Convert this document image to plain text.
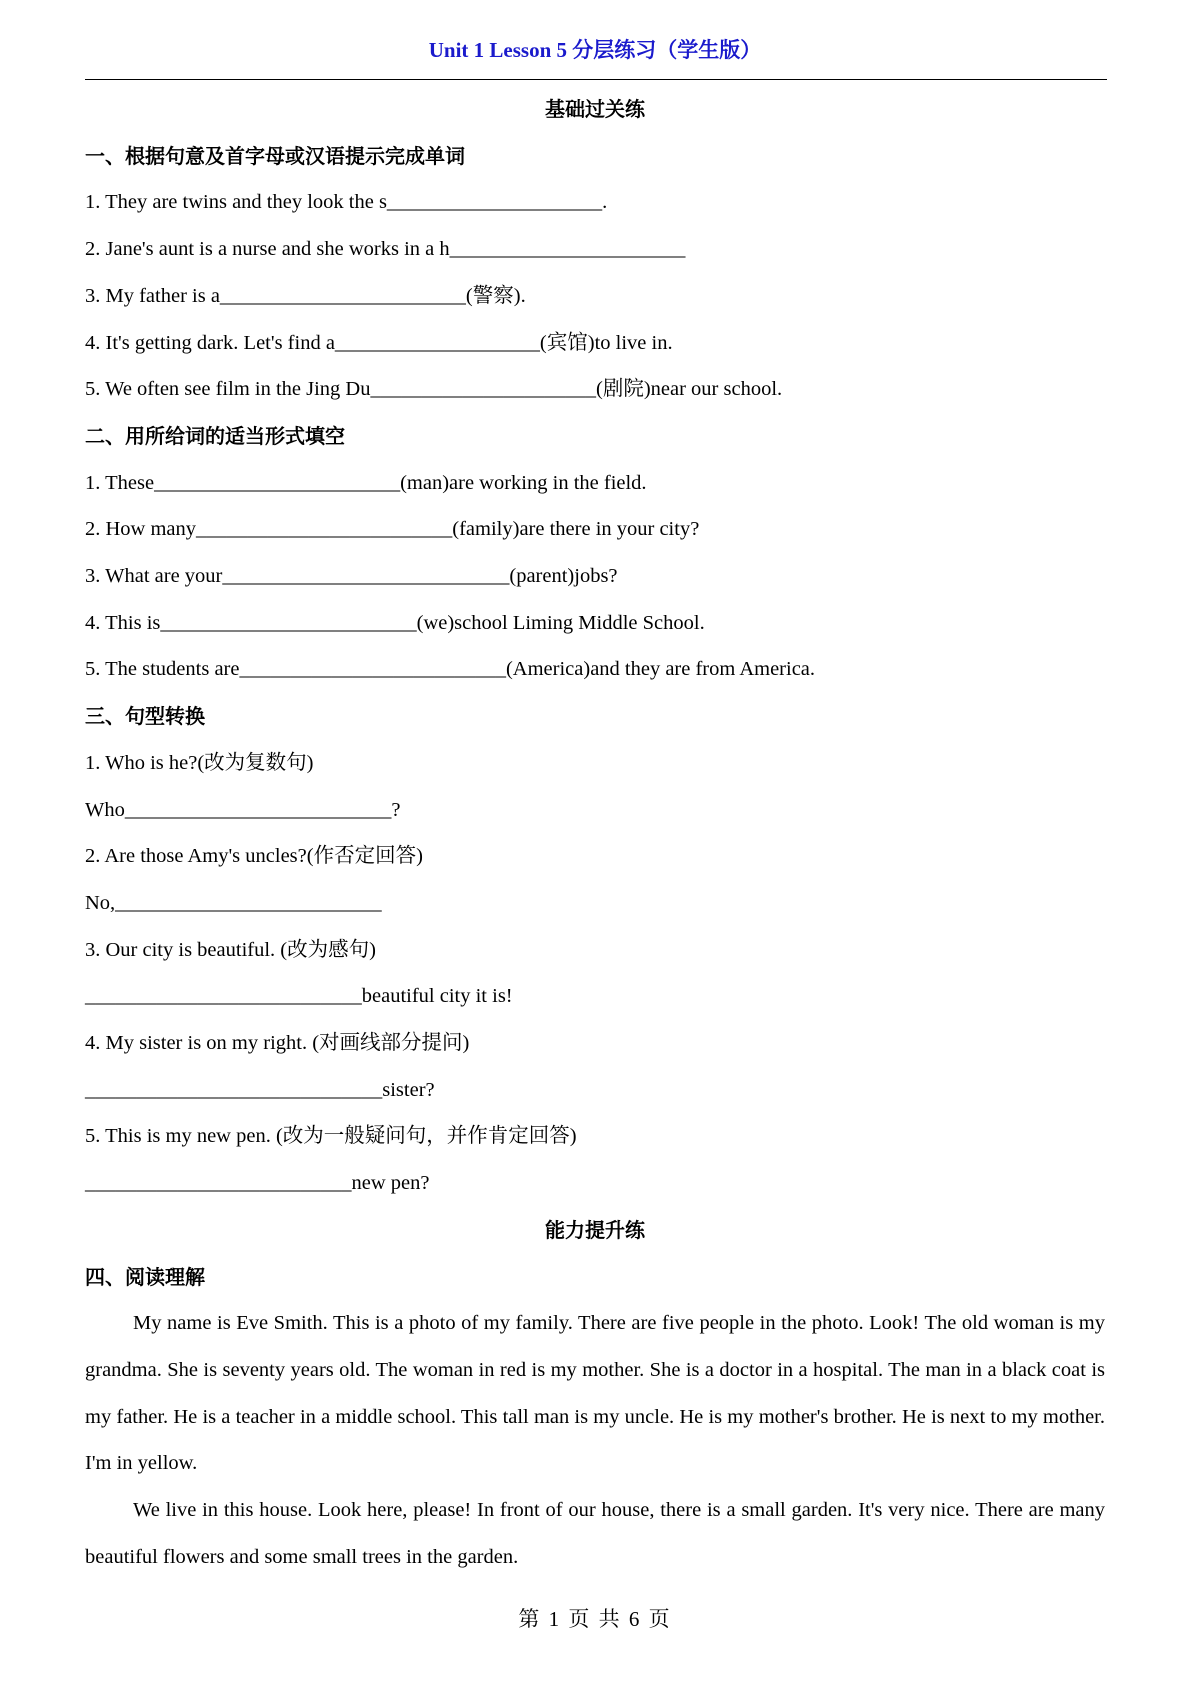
Unit 1 Lesson 5 分层练习（学生版）
基础过关练
一、根据句意及首字母或汉语提示完成单词
1. They are twins and they look the s_____________________.
2. Jane's aunt is a nurse and she works in a h_______________________
3. My father is a________________________(警察).
4. It's getting dark. Let's find a____________________(宾馆)to live in.
5. We often see film in the Jing Du______________________(剧院)near our school.
二、用所给词的适当形式填空
1. These________________________(man)are working in the field.
2. How many_________________________(family)are there in your city?
3. What are your____________________________(parent)jobs?
4. This is_________________________(we)school Liming Middle School.
5. The students are__________________________(America)and they are from America.
三、句型转换
1. Who is he?(改为复数句)
Who__________________________?
2. Are those Amy's uncles?(作否定回答)
No,__________________________
3. Our city is beautiful. (改为感句)
___________________________beautiful city it is!
4. My sister is on my right. (对画线部分提问)
_____________________________sister?
5. This is my new pen. (改为一般疑问句，并作肯定回答)
__________________________new pen?
能力提升练
四、阅读理解
My name is Eve Smith. This is a photo of my family. There are five people in the photo. Look! The old woman is my grandma. She is seventy years old. The woman in red is my mother. She is a doctor in a hospital. The man in a black coat is my father. He is a teacher in a middle school. This tall man is my uncle. He is my mother's brother. He is next to my mother. I'm in yellow.
We live in this house. Look here, please! In front of our house, there is a small garden. It's very nice. There are many beautiful flowers and some small trees in the garden.
第 1 页 共 6 页
